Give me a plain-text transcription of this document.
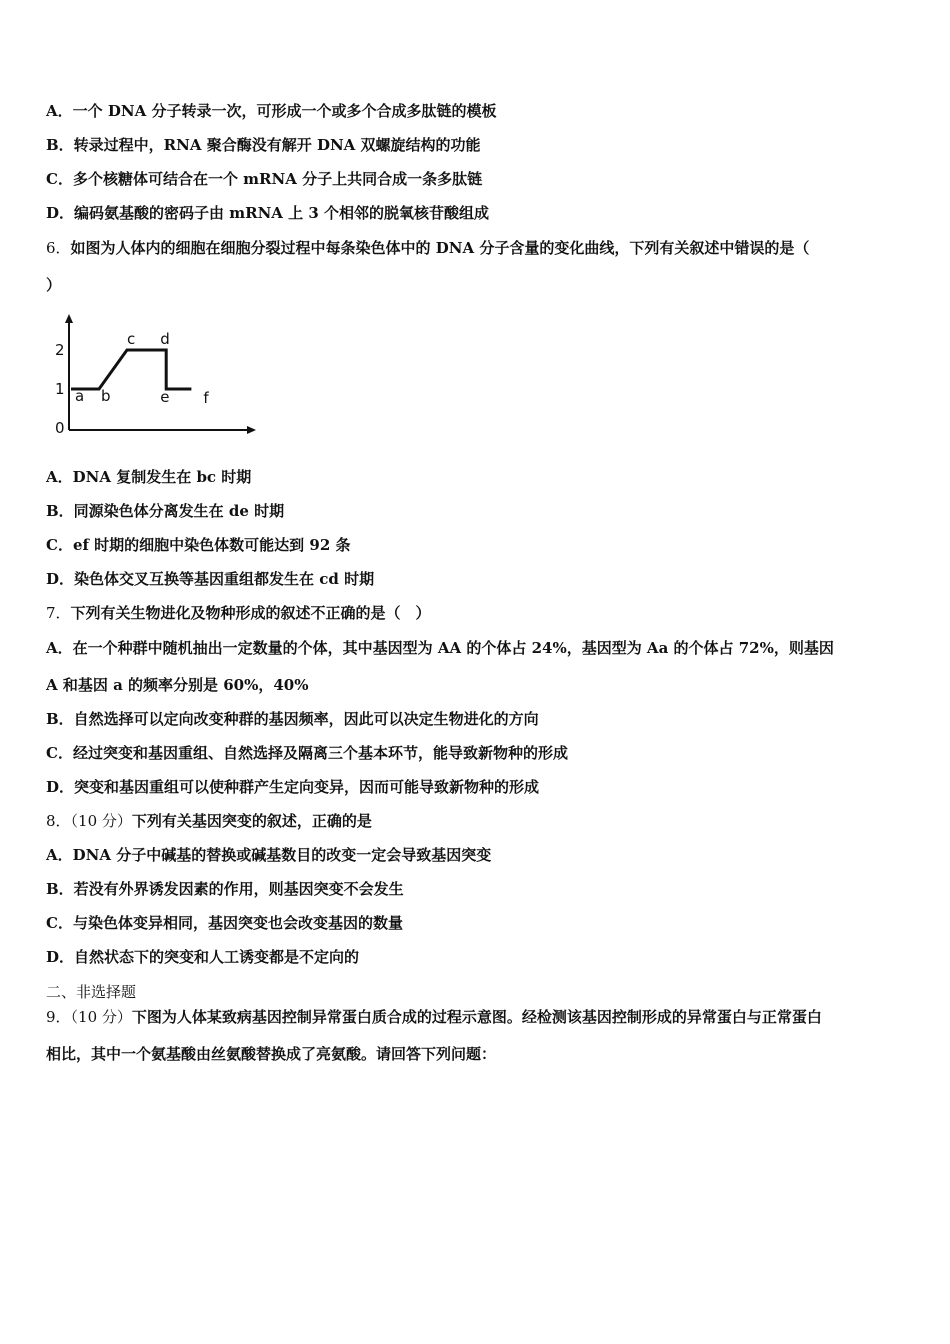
A．一个 DNA 分子转录一次，可形成一个或多个合成多肽链的模板
B．转录过程中，RNA 聚合酶没有解开 DNA 双螺旋结构的功能
C．多个核糖体可结合在一个 mRNA 分子上共同合成一条多肽链
D．编码氨基酸的密码子由 mRNA 上 3 个相邻的脱氧核苷酸组成
6．如图为人体内的细胞在细胞分裂过程中每条染色体中的 DNA 分子含量的变化曲线，下列有关叙述中错误的是（
）
0
1
2
a b
c d
e f
A．DNA 复制发生在 bc 时期
B．同源染色体分离发生在 de 时期
C．ef 时期的细胞中染色体数可能达到 92 条
D．染色体交叉互换等基因重组都发生在 cd 时期
7．下列有关生物进化及物种形成的叙述不正确的是（　）
A．在一个种群中随机抽出一定数量的个体，其中基因型为 AA 的个体占 24%，基因型为 Aa 的个体占 72%，则基因
A 和基因 a 的频率分别是 60%，40%
B．自然选择可以定向改变种群的基因频率，因此可以决定生物进化的方向
C．经过突变和基因重组、自然选择及隔离三个基本环节，能导致新物种的形成
D．突变和基因重组可以使种群产生定向变异，因而可能导致新物种的形成
8．（10 分）下列有关基因突变的叙述，正确的是
A．DNA 分子中碱基的替换或碱基数目的改变一定会导致基因突变
B．若没有外界诱发因素的作用，则基因突变不会发生
C．与染色体变异相同，基因突变也会改变基因的数量
D．自然状态下的突变和人工诱变都是不定向的
二、非选择题
9．（10 分）下图为人体某致病基因控制异常蛋白质合成的过程示意图。经检测该基因控制形成的异常蛋白与正常蛋白
相比，其中一个氨基酸由丝氨酸替换成了亮氨酸。请回答下列问题：
